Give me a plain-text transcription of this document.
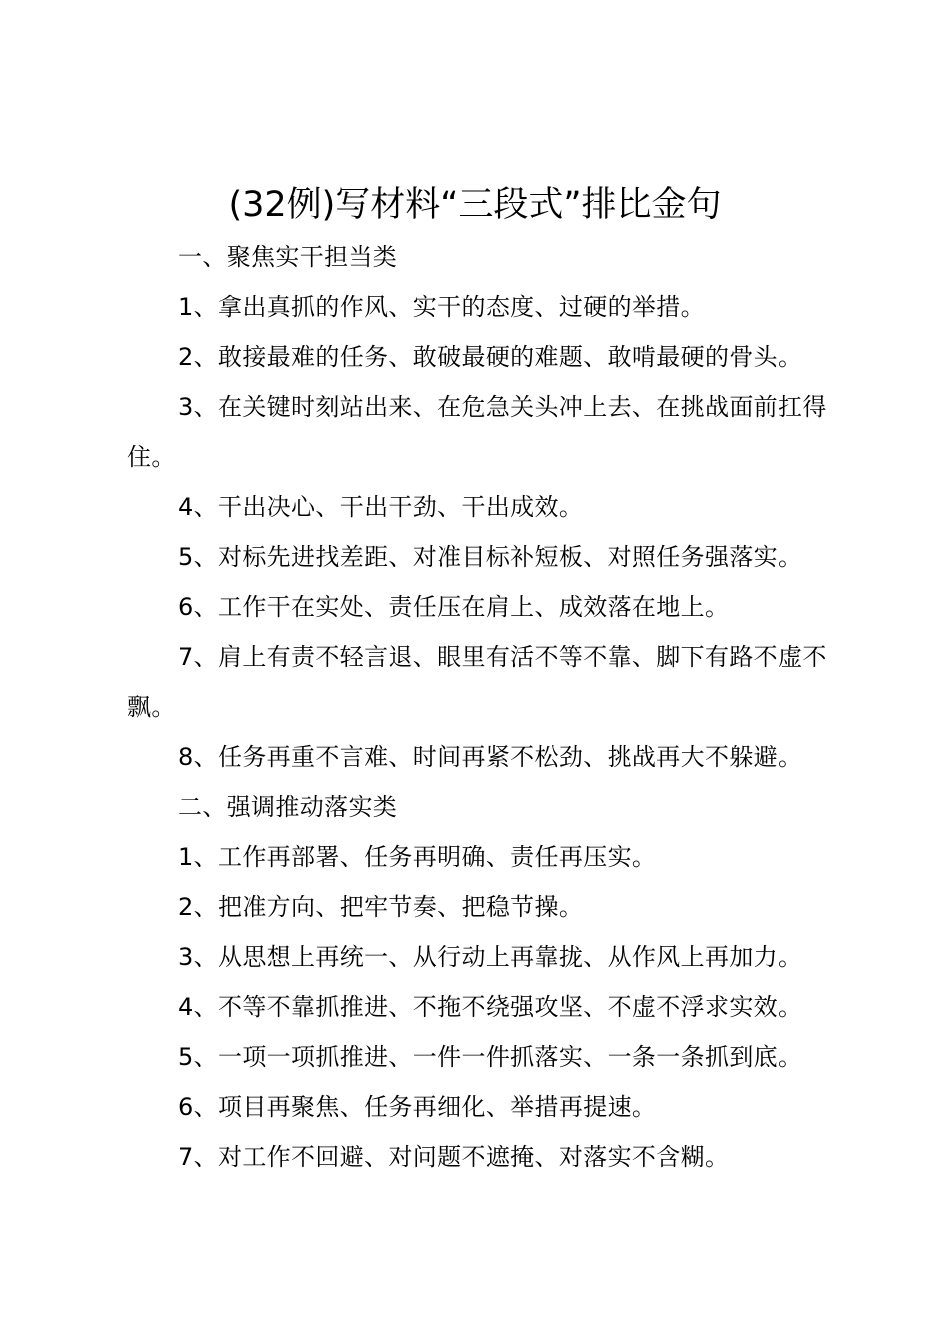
(32例)写材料“三段式”排比金句

一、聚焦实干担当类

1、拿出真抓的作风、实干的态度、过硬的举措。

2、敢接最难的任务、敢破最硬的难题、敢啃最硬的骨头。

3、在关键时刻站出来、在危急关头冲上去、在挑战面前扛得住。

4、干出决心、干出干劲、干出成效。

5、对标先进找差距、对准目标补短板、对照任务强落实。

6、工作干在实处、责任压在肩上、成效落在地上。

7、肩上有责不轻言退、眼里有活不等不靠、脚下有路不虚不飘。

8、任务再重不言难、时间再紧不松劲、挑战再大不躲避。

二、强调推动落实类

1、工作再部署、任务再明确、责任再压实。

2、把准方向、把牢节奏、把稳节操。

3、从思想上再统一、从行动上再靠拢、从作风上再加力。

4、不等不靠抓推进、不拖不绕强攻坚、不虚不浮求实效。

5、一项一项抓推进、一件一件抓落实、一条一条抓到底。

6、项目再聚焦、任务再细化、举措再提速。

7、对工作不回避、对问题不遮掩、对落实不含糊。
